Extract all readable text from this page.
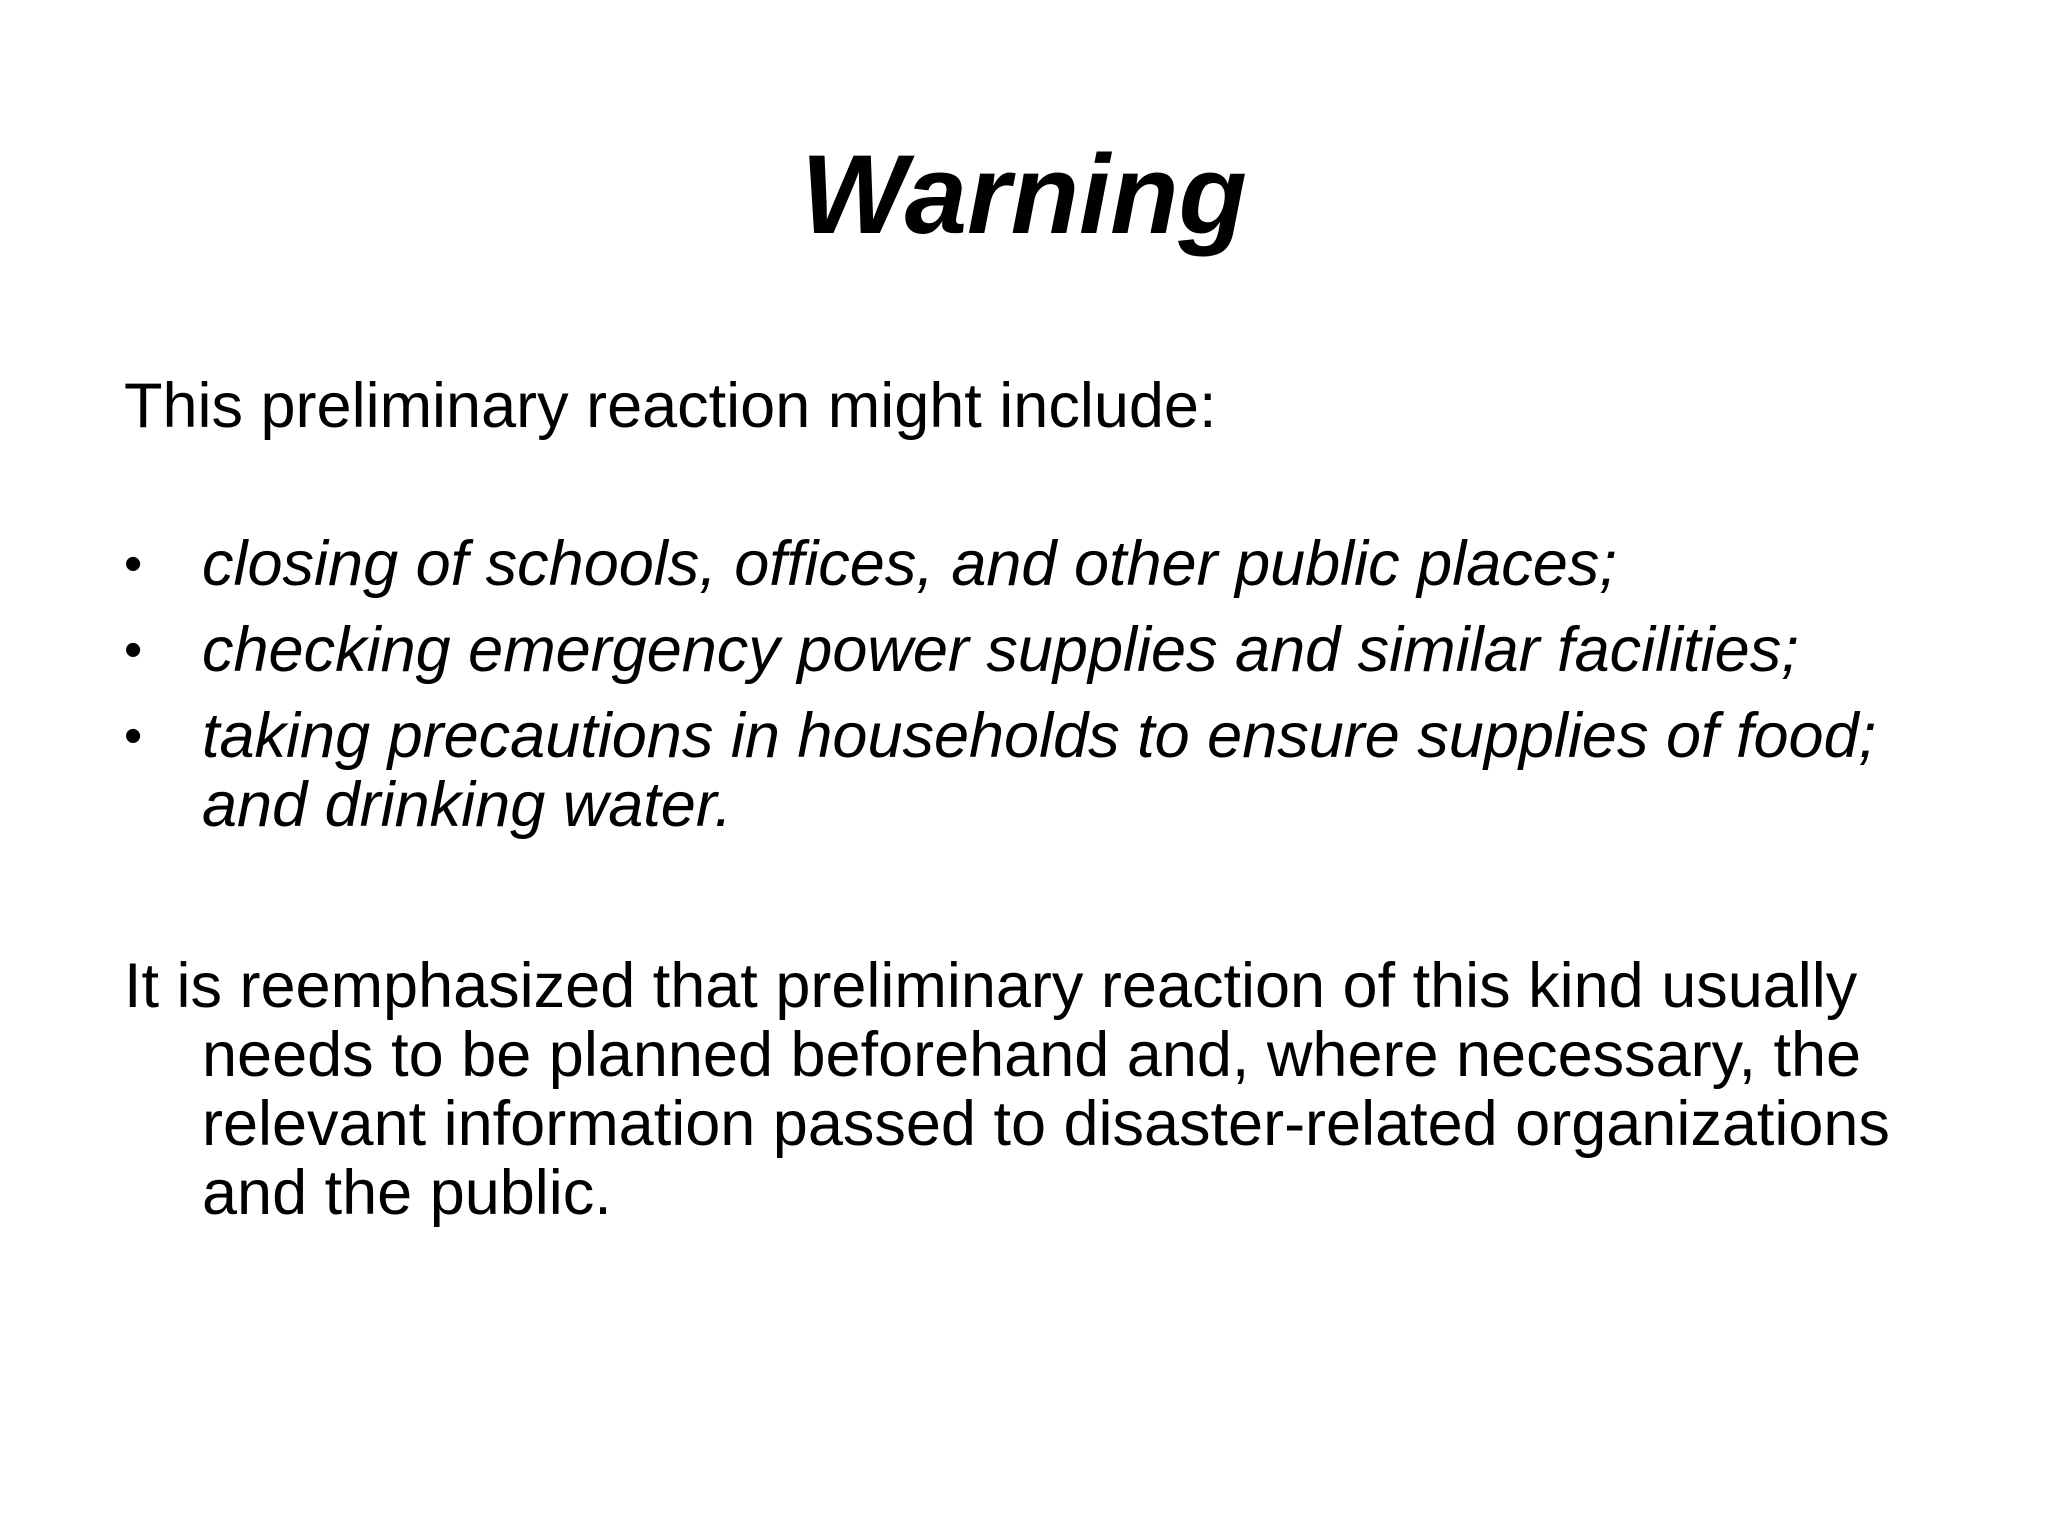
Warning
This preliminary reaction might include:
• closing of schools, offices, and other public places;
• checking emergency power supplies and similar facilities;
• taking precautions in households to ensure supplies of food; and drinking water.
It is reemphasized that preliminary reaction of this kind usually needs to be planned beforehand and, where necessary, the relevant information passed to disaster-related organizations and the public.
